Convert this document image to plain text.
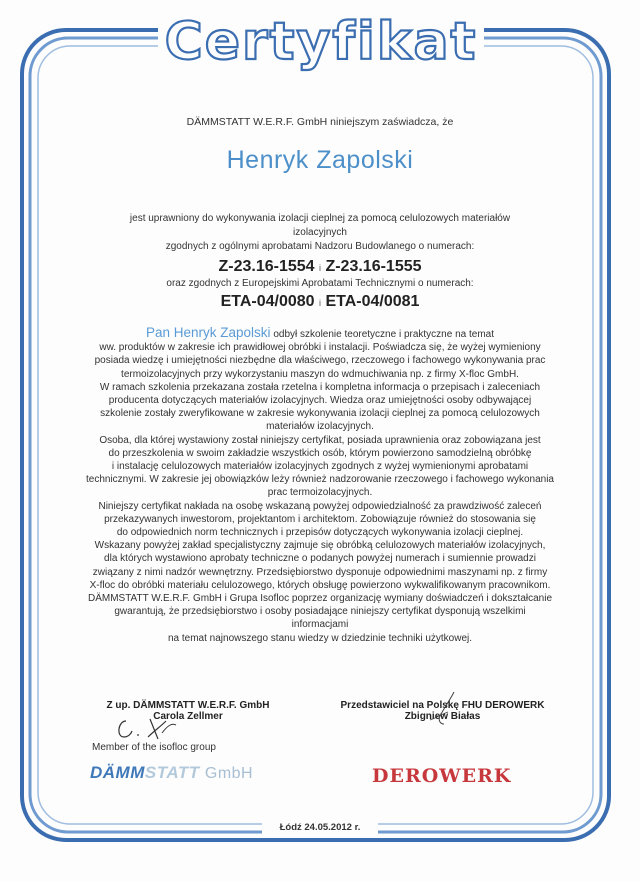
Certyfikat
DÄMMSTATT W.E.R.F. GmbH niniejszym zaświadcza, że
Henryk Zapolski
jest uprawniony do wykonywania izolacji cieplnej za pomocą celulozowych materiałów izolacyjnych
zgodnych z ogólnymi aprobatami Nadzoru Budowlanego o numerach:
Z-23.16-1554 i Z-23.16-1555
oraz zgodnych z Europejskimi Aprobatami Technicznymi o numerach:
ETA-04/0080 i ETA-04/0081
Pan Henryk Zapolski odbył szkolenie teoretyczne i praktyczne na temat
ww. produktów w zakresie ich prawidłowej obróbki i instalacji. Poświadcza się, że wyżej wymieniony
posiada wiedzę i umiejętności niezbędne dla właściwego, rzeczowego i fachowego wykonywania prac
termoizolacyjnych przy wykorzystaniu maszyn do wdmuchiwania np. z firmy X-floc GmbH.
W ramach szkolenia przekazana została rzetelna i kompletna informacja o przepisach i zaleceniach
producenta dotyczących materiałów izolacyjnych. Wiedza oraz umiejętności osoby odbywającej
szkolenie zostały zweryfikowane w zakresie wykonywania izolacji cieplnej za pomocą celulozowych
materiałów izolacyjnych.
Osoba, dla której wystawiony został niniejszy certyfikat, posiada uprawnienia oraz zobowiązana jest
do przeszkolenia w swoim zakładzie wszystkich osób, którym powierzono samodzielną obróbkę
i instalację celulozowych materiałów izolacyjnych zgodnych z wyżej wymienionymi aprobatami
technicznymi. W zakresie jej obowiązków leży również nadzorowanie rzeczowego i fachowego wykonania
prac termoizolacyjnych.
Niniejszy certyfikat nakłada na osobę wskazaną powyżej odpowiedzialność za prawdziwość zaleceń
przekazywanych inwestorom, projektantom i architektom. Zobowiązuje również do stosowania się
do odpowiednich norm technicznych i przepisów dotyczących wykonywania izolacji cieplnej.
Wskazany powyżej zakład specjalistyczny zajmuje się obróbką celulozowych materiałów izolacyjnych,
dla których wystawiono aprobaty techniczne o podanych powyżej numerach i sumiennie prowadzi
związany z nimi nadzór wewnętrzny. Przedsiębiorstwo dysponuje odpowiednimi maszynami np. z firmy
X-floc do obróbki materiału celulozowego, których obsługę powierzono wykwalifikowanym pracownikom.
DÄMMSTATT W.E.R.F. GmbH i Grupa Isofloc poprzez organizację wymiany doświadczeń i dokształcanie
gwarantują, że przedsiębiorstwo i osoby posiadające niniejszy certyfikat dysponują wszelkimi informacjami
na temat najnowszego stanu wiedzy w dziedzinie techniki użytkowej.
Z up. DÄMMSTATT W.E.R.F. GmbH
Carola Zellmer
Member of the isofloc group
DÄMMSTATT GmbH
Przedstawiciel na Polskę FHU DEROWERK
Zbigniew Białas
DEROWERK
Łódź 24.05.2012 r.
